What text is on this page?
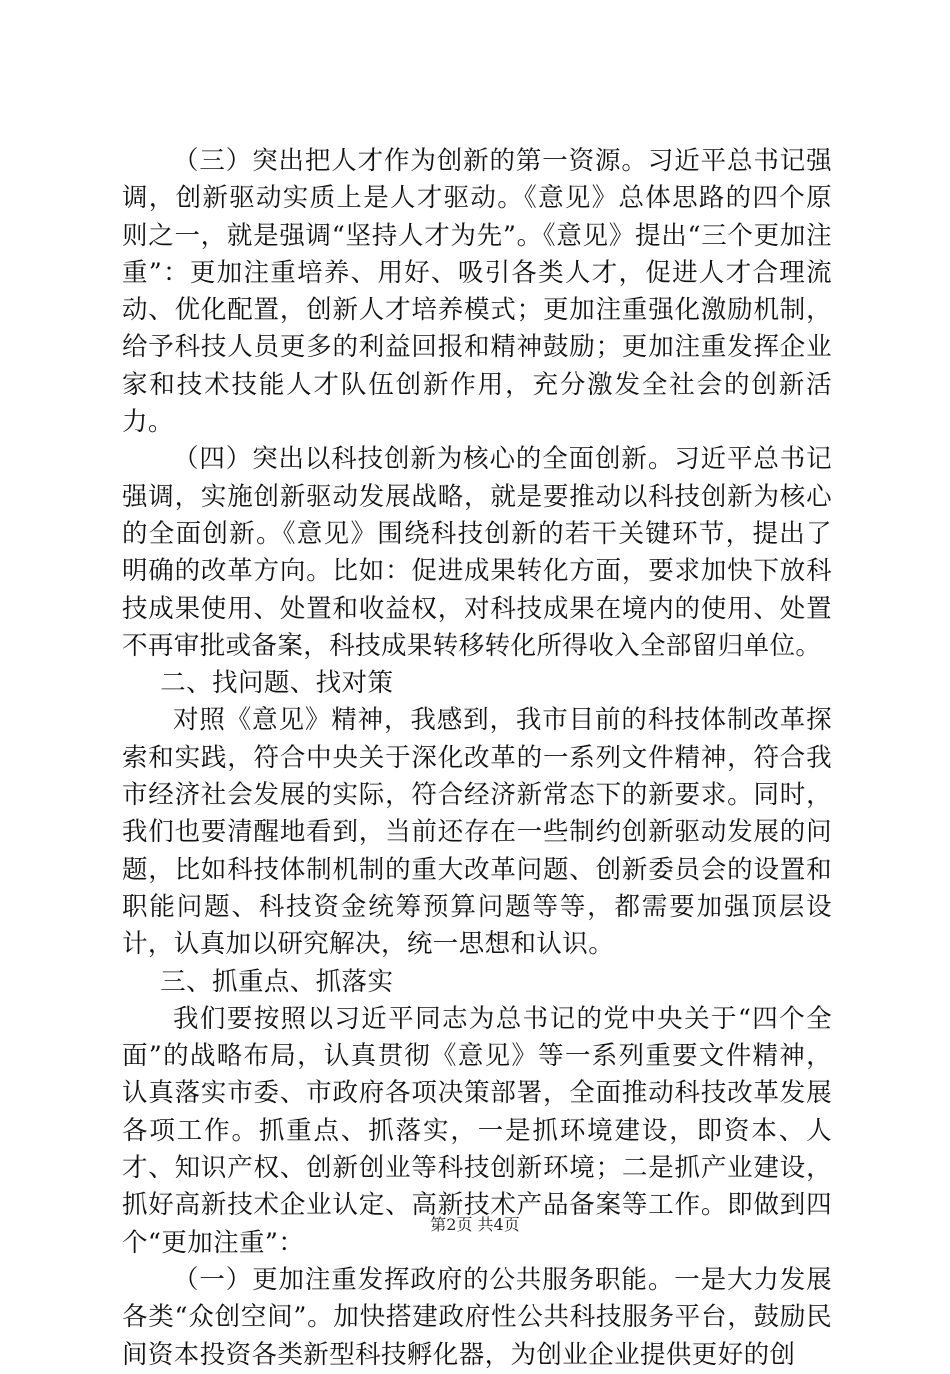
（三）突出把人才作为创新的第一资源。习近平总书记强调，创新驱动实质上是人才驱动。《意见》总体思路的四个原则之一，就是强调“坚持人才为先”。《意见》提出“三个更加注重”：更加注重培养、用好、吸引各类人才，促进人才合理流动、优化配置，创新人才培养模式；更加注重强化激励机制，给予科技人员更多的利益回报和精神鼓励；更加注重发挥企业家和技术技能人才队伍创新作用，充分激发全社会的创新活力。

（四）突出以科技创新为核心的全面创新。习近平总书记强调，实施创新驱动发展战略，就是要推动以科技创新为核心的全面创新。《意见》围绕科技创新的若干关键环节，提出了明确的改革方向。比如：促进成果转化方面，要求加快下放科技成果使用、处置和收益权，对科技成果在境内的使用、处置不再审批或备案，科技成果转移转化所得收入全部留归单位。

二、找问题、找对策

对照《意见》精神，我感到，我市目前的科技体制改革探索和实践，符合中央关于深化改革的一系列文件精神，符合我市经济社会发展的实际，符合经济新常态下的新要求。同时，我们也要清醒地看到，当前还存在一些制约创新驱动发展的问题，比如科技体制机制的重大改革问题、创新委员会的设置和职能问题、科技资金统筹预算问题等等，都需要加强顶层设计，认真加以研究解决，统一思想和认识。

三、抓重点、抓落实

我们要按照以习近平同志为总书记的党中央关于“四个全面”的战略布局，认真贯彻《意见》等一系列重要文件精神，认真落实市委、市政府各项决策部署，全面推动科技改革发展各项工作。抓重点、抓落实，一是抓环境建设，即资本、人才、知识产权、创新创业等科技创新环境；二是抓产业建设，抓好高新技术企业认定、高新技术产品备案等工作。即做到四个“更加注重”：

（一）更加注重发挥政府的公共服务职能。一是大力发展各类“众创空间”。加快搭建政府性公共科技服务平台，鼓励民间资本投资各类新型科技孵化器，为创业企业提供更好的创

第2页 共4页
